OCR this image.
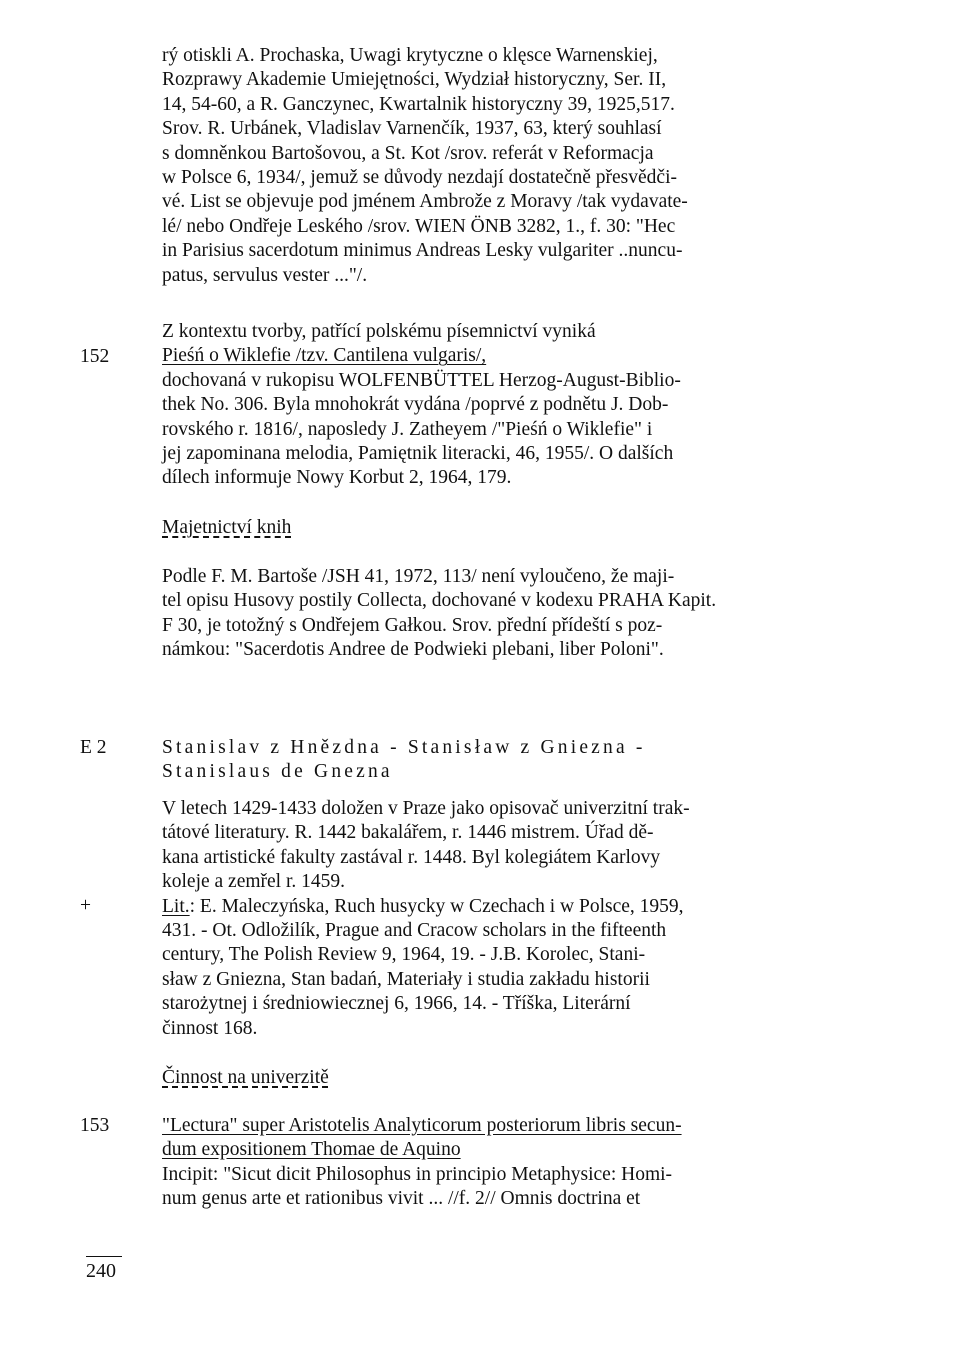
rý otiskli A. Prochaska, Uwagi krytyczne o klęsce Warnenskiej,

Rozprawy Akademie Umiejętności, Wydział historyczny, Ser. II,

14, 54-60, a R. Ganczynec, Kwartalnik historyczny 39, 1925,517.

Srov. R. Urbánek, Vladislav Varnenčík, 1937, 63, který souhlasí

s domněnkou Bartošovou, a St. Kot /srov. referát v Reformacja

w Polsce 6, 1934/, jemuž se důvody nezdají dostatečně přesvědči-

vé. List se objevuje pod jménem Ambrože z Moravy /tak vydavate-

lé/ nebo Ondřeje Leského /srov. WIEN ÖNB 3282, 1., f. 30: "Hec

in Parisius sacerdotum minimus Andreas Lesky vulgariter ..nuncu-

patus, servulus vester ..."/.

152

Z kontextu tvorby, patřící polskému písemnictví vyniká

Pieśń o Wiklefie /tzv. Cantilena vulgaris/,

dochovaná v rukopisu WOLFENBÜTTEL Herzog-August-Biblio-

thek No. 306. Byla mnohokrát vydána /poprvé z podnětu J. Dob-

rovského r. 1816/, naposledy J. Zatheyem /"Pieśń o Wiklefie" i

jej zapominana melodia, Pamiętnik literacki, 46, 1955/. O dalších

dílech informuje Nowy Korbut 2, 1964, 179.

Majetnictví knih

Podle F. M. Bartoše /JSH 41, 1972, 113/ není vyloučeno, že maji-

tel opisu Husovy postily Collecta, dochované v kodexu PRAHA Kapit.

F 30, je totožný s Ondřejem Gałkou. Srov. přední přídeští s poz-

námkou: "Sacerdotis Andree de Podwieki plebani, liber Poloni".

E 2	Stanislav z Hnězdna - Stanisław z Gniezna -

Stanislaus de Gnezna

V letech 1429-1433 doložen v Praze jako opisovač univerzitní trak-

tátové literatury. R. 1442 bakalářem, r. 1446 mistrem. Úřad dě-

kana artistické fakulty zastával r. 1448. Byl kolegiátem Karlovy

koleje a zemřel r. 1459.

Lit.: E. Maleczyńska, Ruch husycky w Czechach i w Polsce, 1959,

431. - Ot. Odložilík, Prague and Cracow scholars in the fifteenth

century, The Polish Review 9, 1964, 19. - J.B. Korolec, Stani-

sław z Gniezna, Stan badań, Materiały i studia zakładu historii

starożytnej i średniowiecznej 6, 1966, 14. - Tříška, Literární

činnost 168.

+

Činnost na univerzitě

153	"Lectura" super Aristotelis Analyticorum posteriorum libris secun-

dum expositionem Thomae de Aquino

Incipit: "Sicut dicit Philosophus in principio Metaphysice: Homi-

num genus arte et rationibus vivit ... //f. 2// Omnis doctrina et

240
